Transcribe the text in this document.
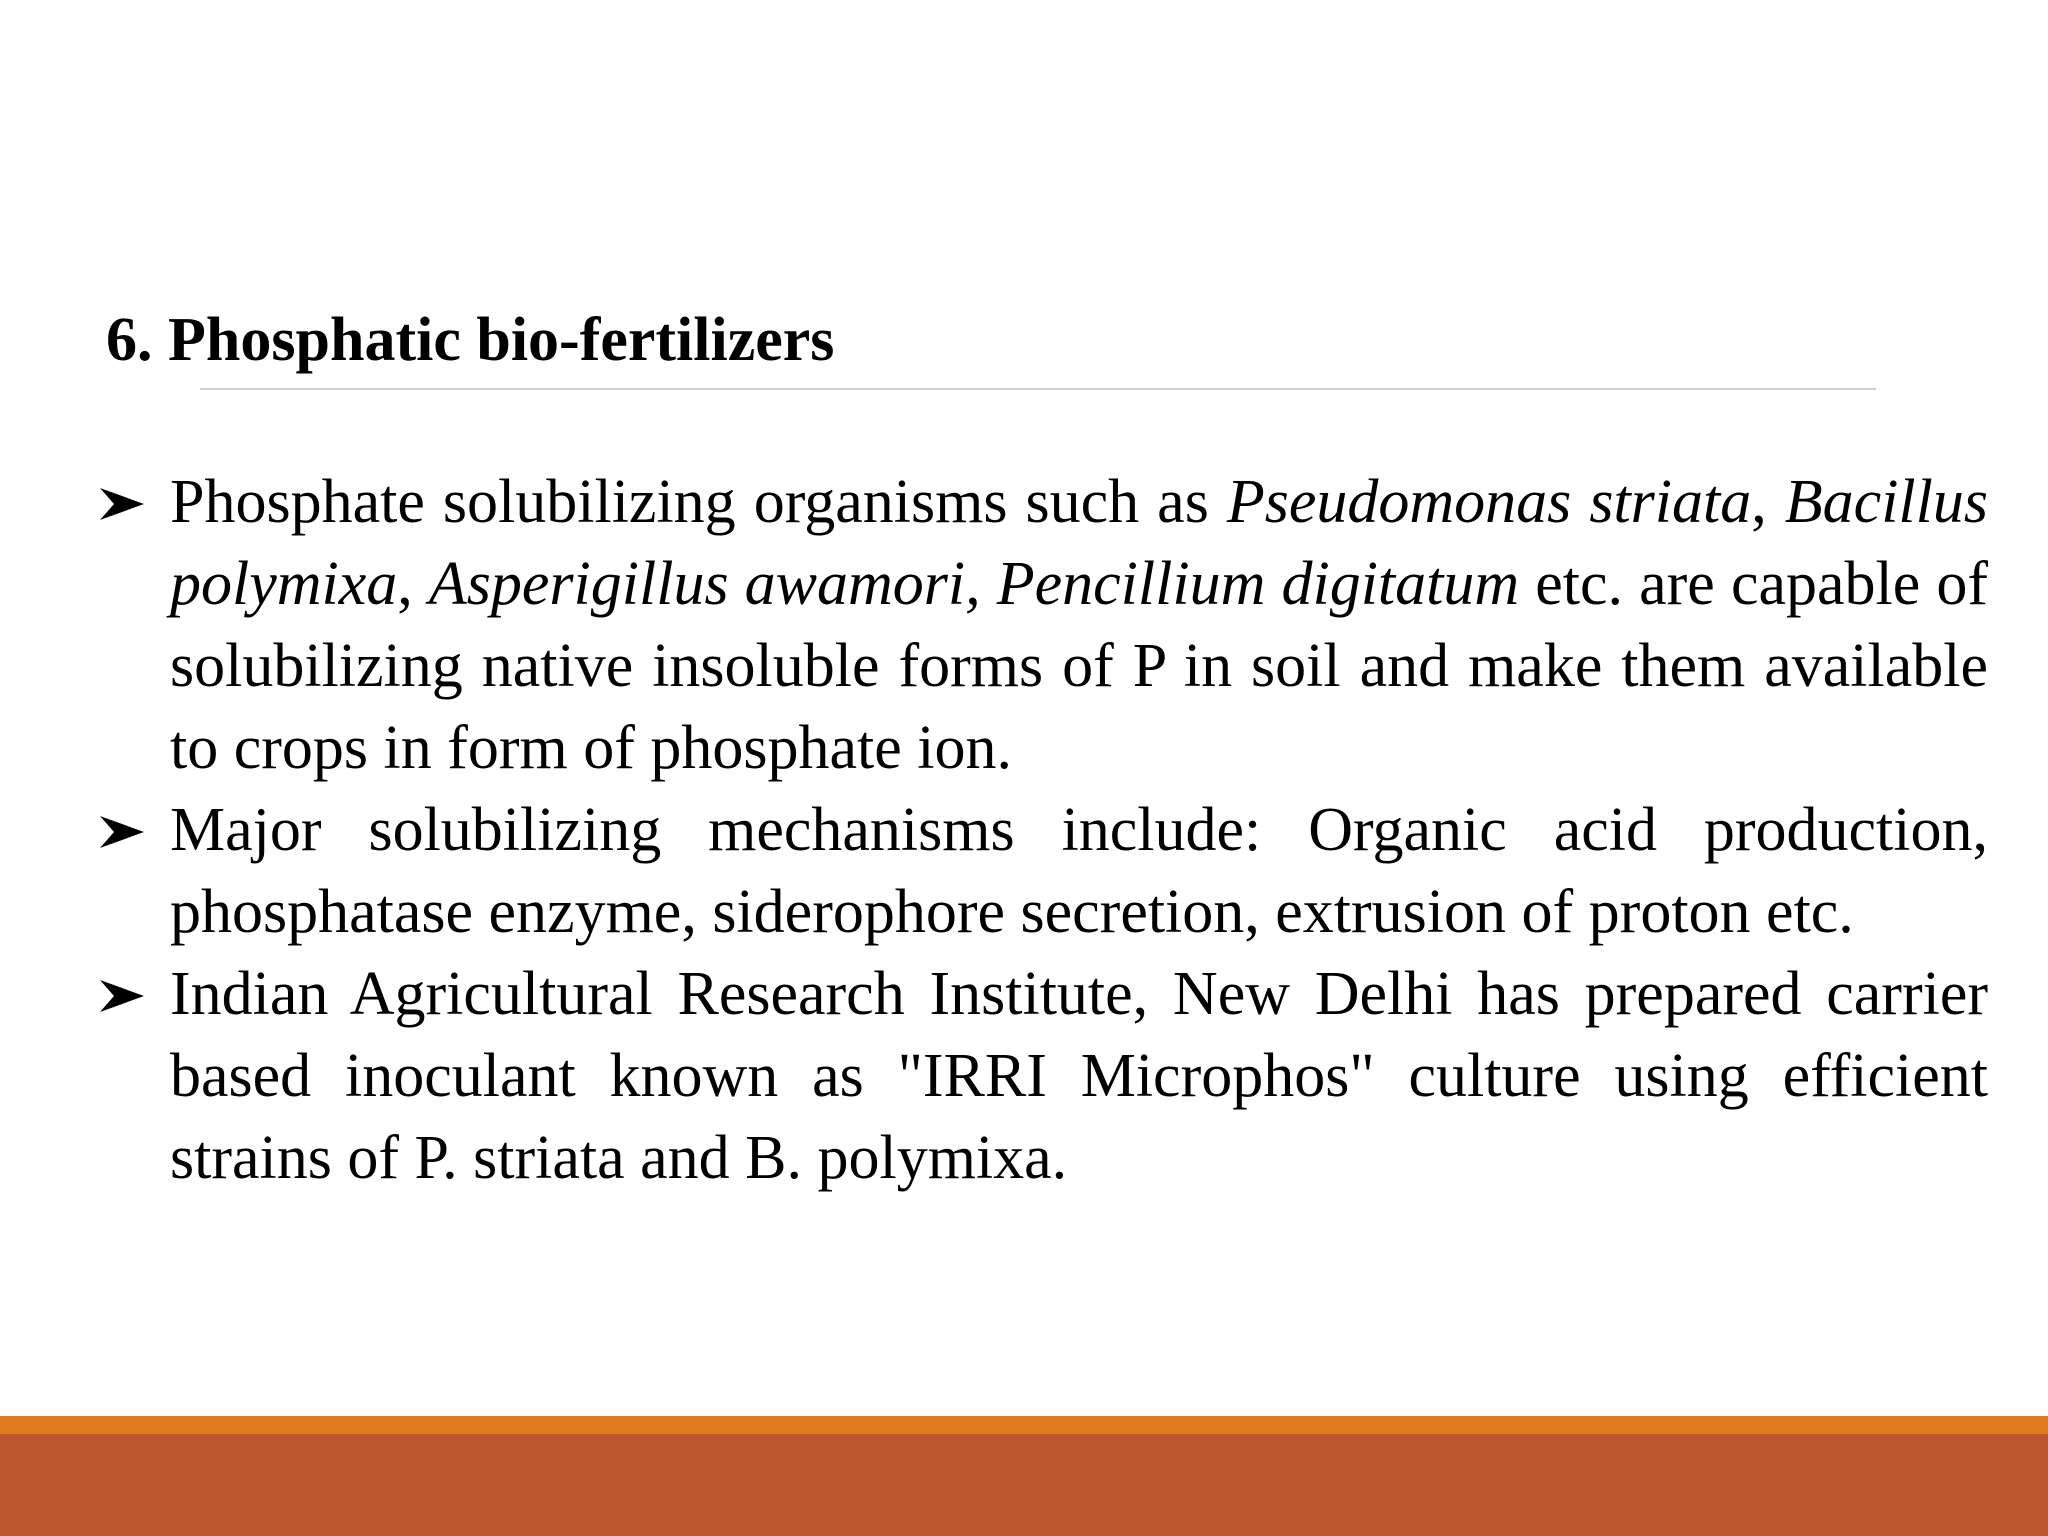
6. Phosphatic bio-fertilizers
Phosphate solubilizing organisms such as Pseudomonas striata, Bacillus polymixa, Asperigillus awamori, Pencillium digitatum etc. are capable of solubilizing native insoluble forms of P in soil and make them available to crops in form of phosphate ion.
Major solubilizing mechanisms include: Organic acid production, phosphatase enzyme, siderophore secretion, extrusion of proton etc.
Indian Agricultural Research Institute, New Delhi has prepared carrier based inoculant known as "IRRI Microphos" culture using efficient strains of P. striata and B. polymixa.
